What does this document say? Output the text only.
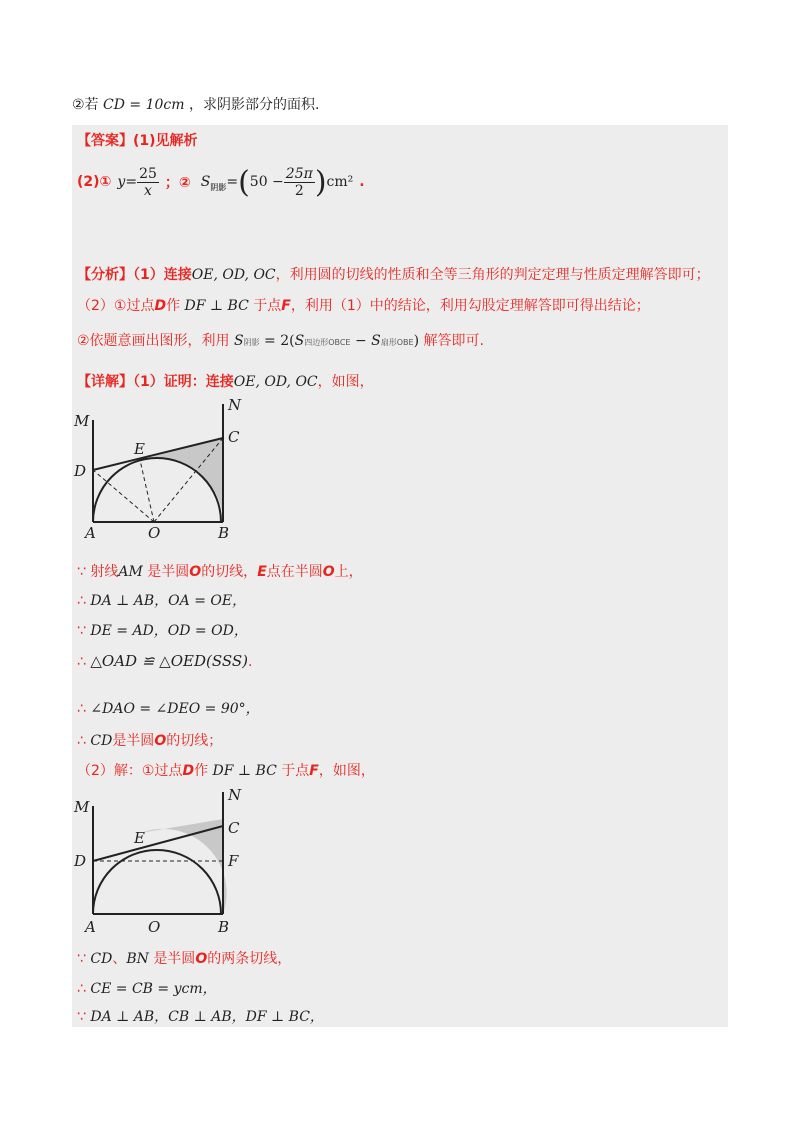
②若 CD = 10cm ，求阴影部分的面积.
【答案】(1)见解析
(2)① $y = \frac{25}{x}$ ；② S 阴影 = ( $50 - \frac{25\pi}{2}$ ) cm² .
【分析】（1）连接OE, OD, OC，利用圆的切线的性质和全等三角形的判定定理与性质定理解答即可；
（2）①过点D作 DF ⊥ BC 于点F，利用（1）中的结论，利用勾股定理解答即可得出结论；
②依题意画出图形，利用 S阴影 = 2(S四边形OBCE − S扇形OBE) 解答即可.
【详解】（1）证明：连接OE, OD, OC，如图，
M
N
C
E
D
A	O	B
∵ 射线AM 是半圆O的切线，E点在半圆O上，
∴ DA ⊥ AB，OA = OE，
∵ DE = AD，OD = OD，
∴ △OAD ≌ △OED(SSS).
∴ ∠DAO = ∠DEO = 90°，
∴ CD是半圆O的切线；
（2）解：①过点D作 DF ⊥ BC 于点F，如图，
M
N
C
E
D	F
A	O	B
∵ CD、BN 是半圆O的两条切线，
∴ CE = CB = ycm，
∵ DA ⊥ AB，CB ⊥ AB，DF ⊥ BC，
